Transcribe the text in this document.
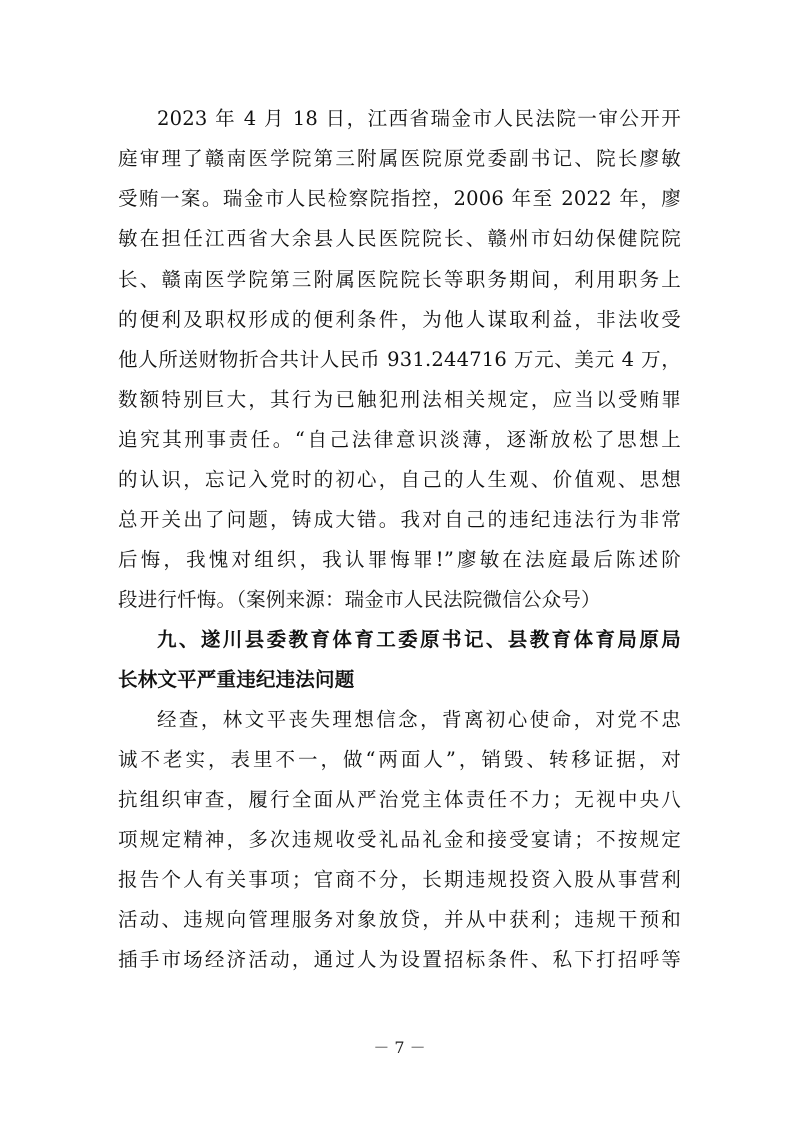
2023 年 4 月 18 日，江西省瑞金市人民法院一审公开开
庭审理了赣南医学院第三附属医院原党委副书记、院长廖敏
受贿一案。瑞金市人民检察院指控，2006 年至 2022 年，廖
敏在担任江西省大余县人民医院院长、赣州市妇幼保健院院
长、赣南医学院第三附属医院院长等职务期间，利用职务上
的便利及职权形成的便利条件，为他人谋取利益，非法收受
他人所送财物折合共计人民币 931.244716 万元、美元 4 万，
数额特别巨大，其行为已触犯刑法相关规定，应当以受贿罪
追究其刑事责任。“自己法律意识淡薄，逐渐放松了思想上
的认识，忘记入党时的初心，自己的人生观、价值观、思想
总开关出了问题，铸成大错。我对自己的违纪违法行为非常
后悔，我愧对组织，我认罪悔罪!”廖敏在法庭最后陈述阶
段进行忏悔。（案例来源：瑞金市人民法院微信公众号）
九、遂川县委教育体育工委原书记、县教育体育局原局
长林文平严重违纪违法问题
经查，林文平丧失理想信念，背离初心使命，对党不忠
诚不老实，表里不一，做“两面人”，销毁、转移证据，对
抗组织审查，履行全面从严治党主体责任不力；无视中央八
项规定精神，多次违规收受礼品礼金和接受宴请；不按规定
报告个人有关事项；官商不分，长期违规投资入股从事营利
活动、违规向管理服务对象放贷，并从中获利；违规干预和
插手市场经济活动，通过人为设置招标条件、私下打招呼等
－ 7 －
